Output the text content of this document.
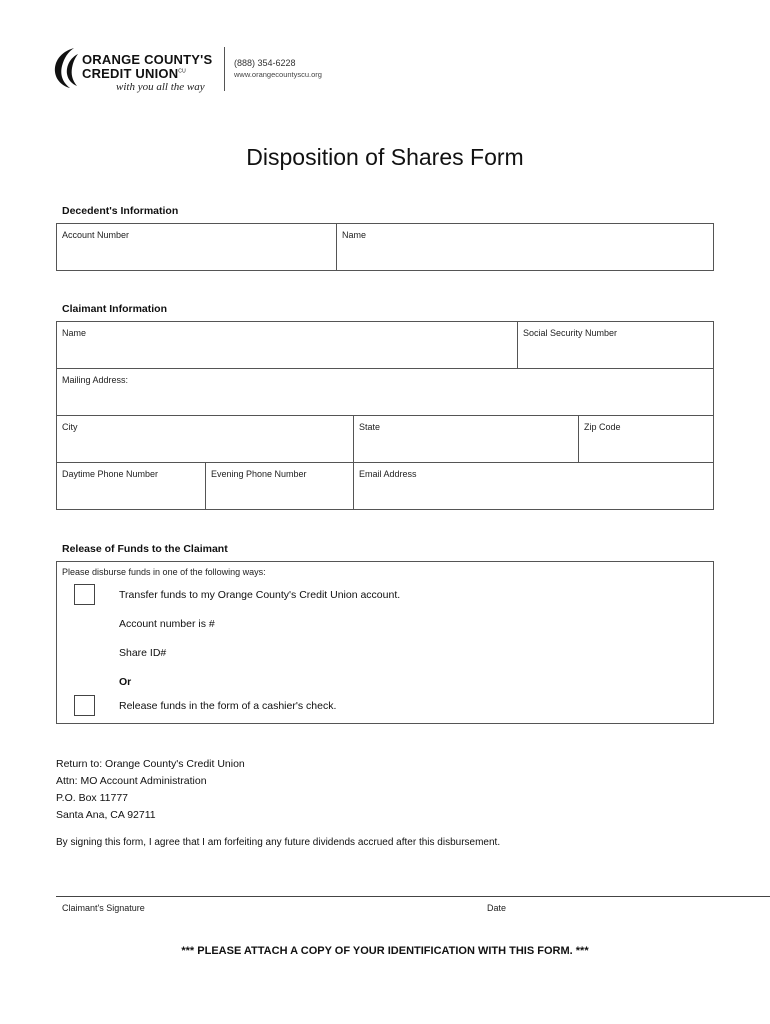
ORANGE COUNTY'S
CREDIT $UNION^{CU}$
with you all the way
(888) 354-6228
www.orangecountyscu.org
Disposition of Shares Form
Decedent's Information
Account Number	Name
Claimant Information
Name	Social Security Number
Mailing Address:
City	State	Zip Code
Daytime Phone Number	Evening Phone Number	Email Address
Release of Funds to the Claimant
Please disburse funds in one of the following ways:
Transfer funds to my Orange County's Credit Union account.
Account number is #
Share ID#
Or
Release funds in the form of a cashier's check.
Return to: Orange County's Credit Union
Attn: MO Account Administration
P.O. Box 11777
Santa Ana, CA 92711
By signing this form, I agree that I am forfeiting any future dividends accrued after this disbursement.
Claimant's Signature	Date
*** PLEASE ATTACH A COPY OF YOUR IDENTIFICATION WITH THIS FORM. ***
